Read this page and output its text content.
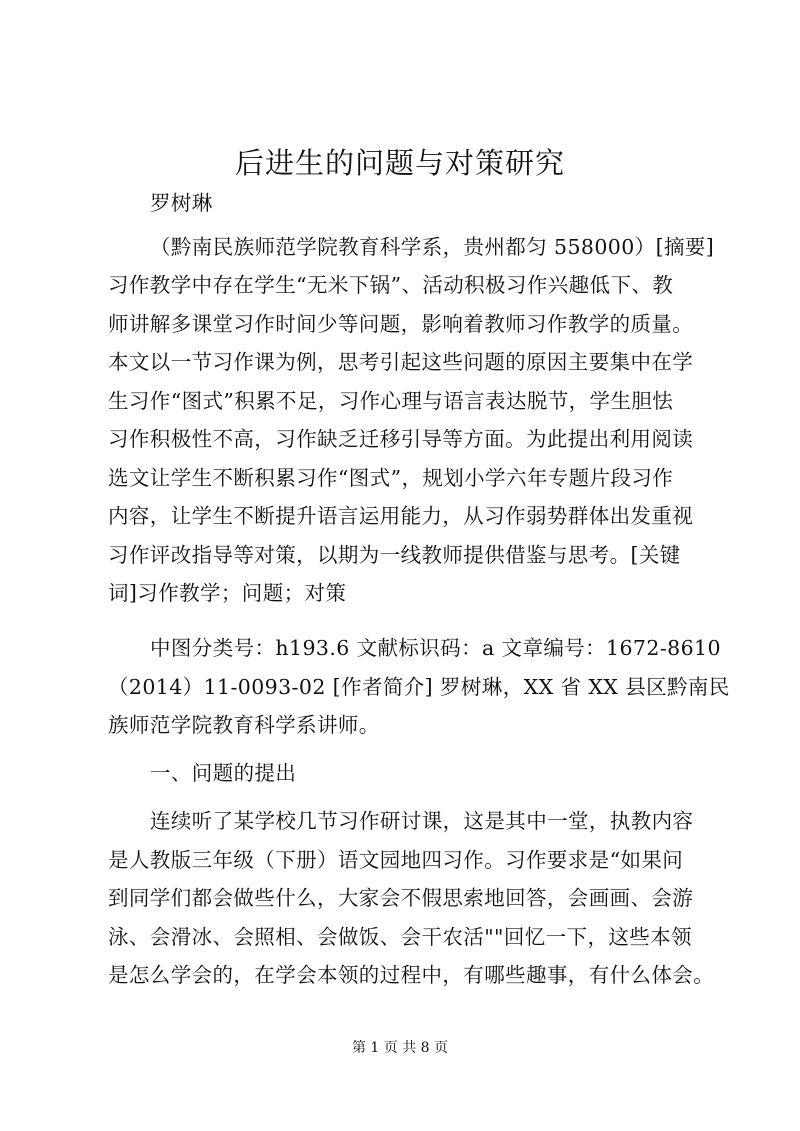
后进生的问题与对策研究
罗树琳
（黔南民族师范学院教育科学系，贵州都匀 558000）[摘要]
习作教学中存在学生“无米下锅”、活动积极习作兴趣低下、教
师讲解多课堂习作时间少等问题，影响着教师习作教学的质量。
本文以一节习作课为例，思考引起这些问题的原因主要集中在学
生习作“图式”积累不足，习作心理与语言表达脱节，学生胆怯
习作积极性不高，习作缺乏迁移引导等方面。为此提出利用阅读
选文让学生不断积累习作“图式”，规划小学六年专题片段习作
内容，让学生不断提升语言运用能力，从习作弱势群体出发重视
习作评改指导等对策，以期为一线教师提供借鉴与思考。[关键
词]习作教学；问题；对策
中图分类号：h193.6 文献标识码：a 文章编号：1672-8610
（2014）11-0093-02 [作者简介] 罗树琳，XX 省 XX 县区黔南民
族师范学院教育科学系讲师。
一、问题的提出
连续听了某学校几节习作研讨课，这是其中一堂，执教内容
是人教版三年级（下册）语文园地四习作。习作要求是“如果问
到同学们都会做些什么，大家会不假思索地回答，会画画、会游
泳、会滑冰、会照相、会做饭、会干农活""回忆一下，这些本领
是怎么学会的，在学会本领的过程中，有哪些趣事，有什么体会。
第 1 页 共 8 页
